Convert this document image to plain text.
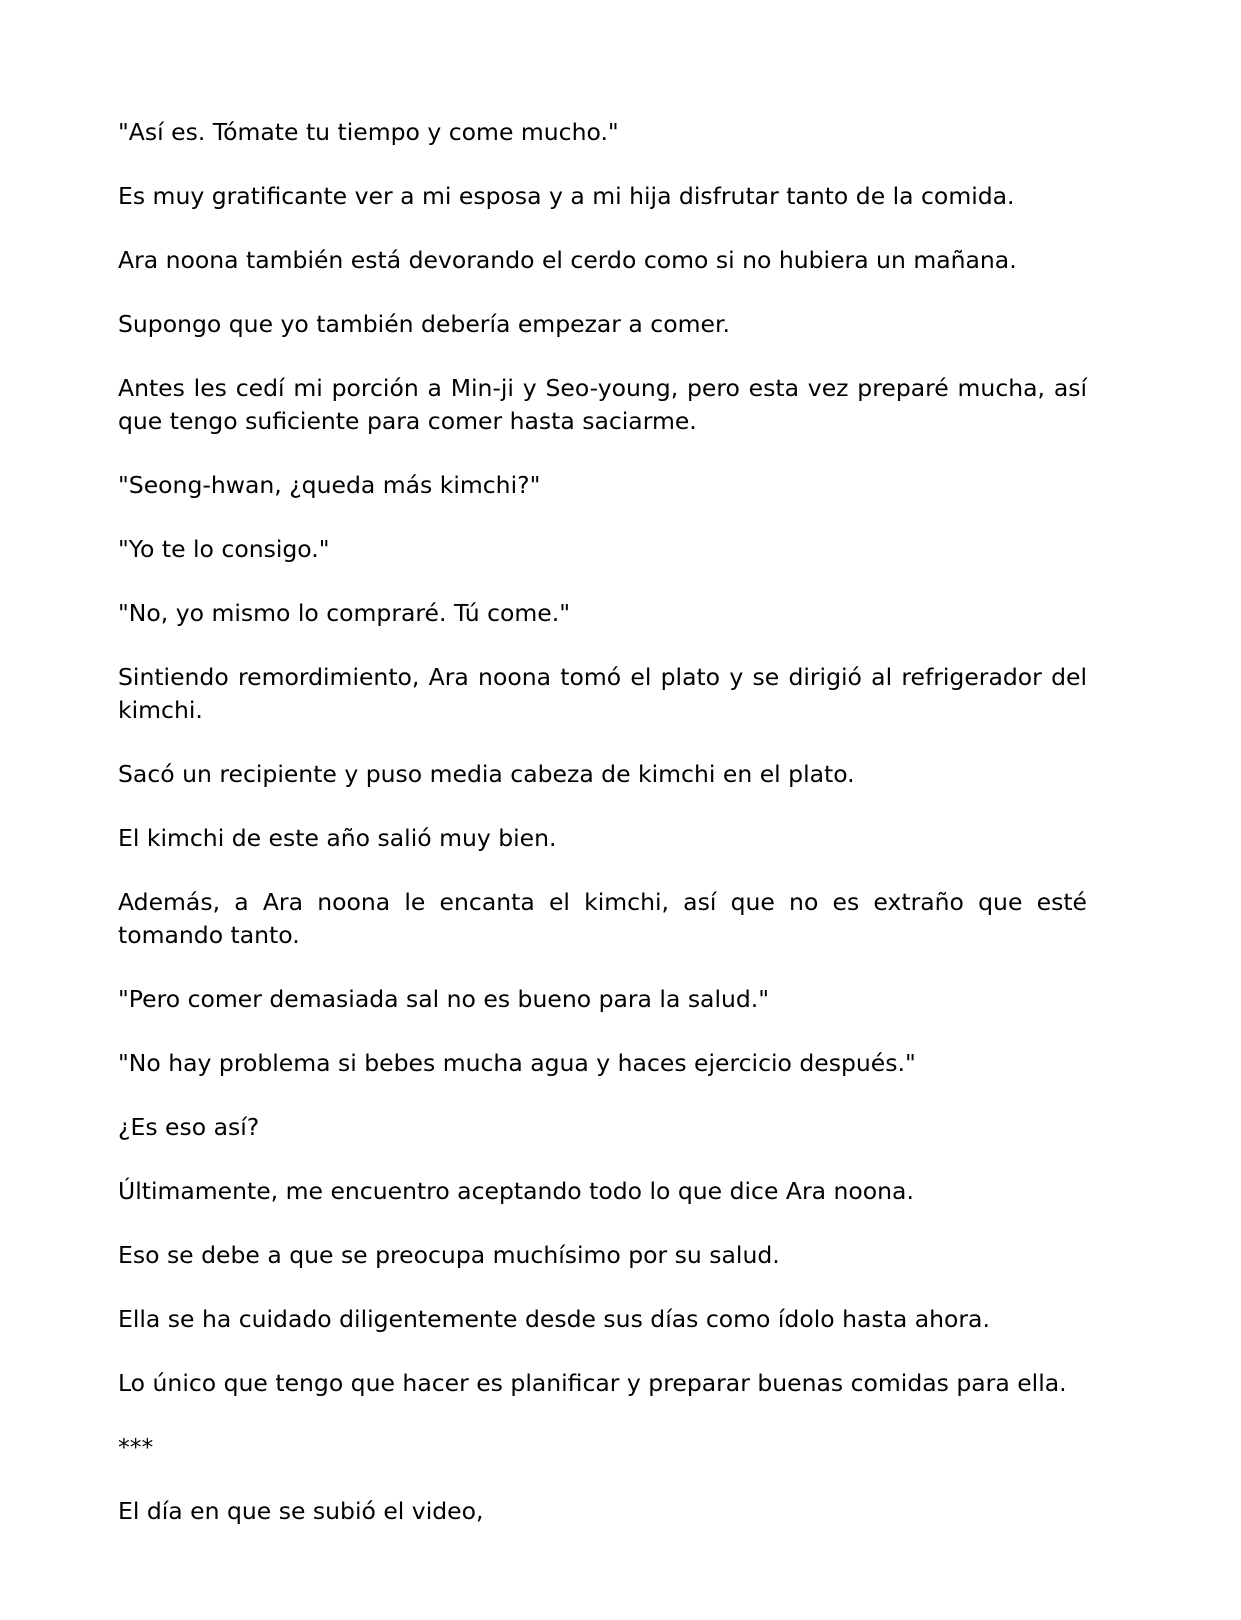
"Así es. Tómate tu tiempo y come mucho."

Es muy gratificante ver a mi esposa y a mi hija disfrutar tanto de la comida.

Ara noona también está devorando el cerdo como si no hubiera un mañana.

Supongo que yo también debería empezar a comer.

Antes les cedí mi porción a Min-ji y Seo-young, pero esta vez preparé mucha, así que tengo suficiente para comer hasta saciarme.

"Seong-hwan, ¿queda más kimchi?"

"Yo te lo consigo."

"No, yo mismo lo compraré. Tú come."

Sintiendo remordimiento, Ara noona tomó el plato y se dirigió al refrigerador del kimchi.

Sacó un recipiente y puso media cabeza de kimchi en el plato.

El kimchi de este año salió muy bien.

Además, a Ara noona le encanta el kimchi, así que no es extraño que esté tomando tanto.

"Pero comer demasiada sal no es bueno para la salud."

"No hay problema si bebes mucha agua y haces ejercicio después."

¿Es eso así?

Últimamente, me encuentro aceptando todo lo que dice Ara noona.

Eso se debe a que se preocupa muchísimo por su salud.

Ella se ha cuidado diligentemente desde sus días como ídolo hasta ahora.

Lo único que tengo que hacer es planificar y preparar buenas comidas para ella.

***

El día en que se subió el video,
